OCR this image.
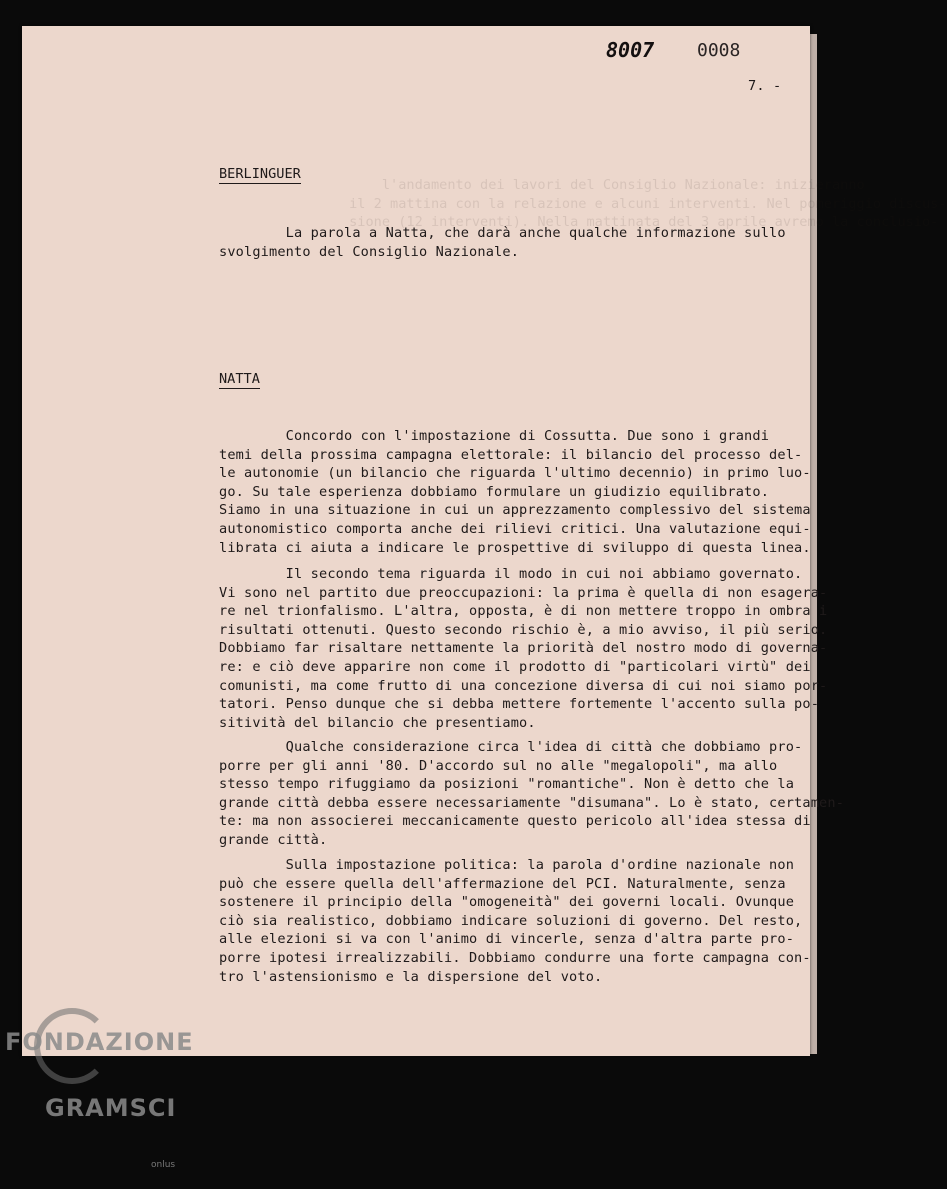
l'andamento dei lavori del Consiglio Nazionale: inizieranno
il 2 mattina con la relazione e alcuni interventi. Nel pomeriggio discus-
sione (12 interventi). Nella mattinata del 3 aprile avremo la conclusio-
8007 0008
7. -
BERLINGUER
La parola a Natta, che darà anche qualche informazione sullo
svolgimento del Consiglio Nazionale.
NATTA
Concordo con l'impostazione di Cossutta. Due sono i grandi
temi della prossima campagna elettorale: il bilancio del processo del-
le autonomie (un bilancio che riguarda l'ultimo decennio) in primo luo-
go. Su tale esperienza dobbiamo formulare un giudizio equilibrato.
Siamo in una situazione in cui un apprezzamento complessivo del sistema
autonomistico comporta anche dei rilievi critici. Una valutazione equi-
librata ci aiuta a indicare le prospettive di sviluppo di questa linea.
Il secondo tema riguarda il modo in cui noi abbiamo governato.
Vi sono nel partito due preoccupazioni: la prima è quella di non esagera-
re nel trionfalismo. L'altra, opposta, è di non mettere troppo in ombra i
risultati ottenuti. Questo secondo rischio è, a mio avviso, il più serio.
Dobbiamo far risaltare nettamente la priorità del nostro modo di governa-
re: e ciò deve apparire non come il prodotto di "particolari virtù" dei
comunisti, ma come frutto di una concezione diversa di cui noi siamo por-
tatori. Penso dunque che si debba mettere fortemente l'accento sulla po-
sitività del bilancio che presentiamo.
Qualche considerazione circa l'idea di città che dobbiamo pro-
porre per gli anni '80. D'accordo sul no alle "megalopoli", ma allo
stesso tempo rifuggiamo da posizioni "romantiche". Non è detto che la
grande città debba essere necessariamente "disumana". Lo è stato, certamen-
te: ma non associerei meccanicamente questo pericolo all'idea stessa di
grande città.
Sulla impostazione politica: la parola d'ordine nazionale non
può che essere quella dell'affermazione del PCI. Naturalmente, senza
sostenere il principio della "omogeneità" dei governi locali. Ovunque
ciò sia realistico, dobbiamo indicare soluzioni di governo. Del resto,
alle elezioni si va con l'animo di vincerle, senza d'altra parte pro-
porre ipotesi irrealizzabili. Dobbiamo condurre una forte campagna con-
tro l'astensionismo e la dispersione del voto.

FONDAZIONE

GRAMSCI

onlus
